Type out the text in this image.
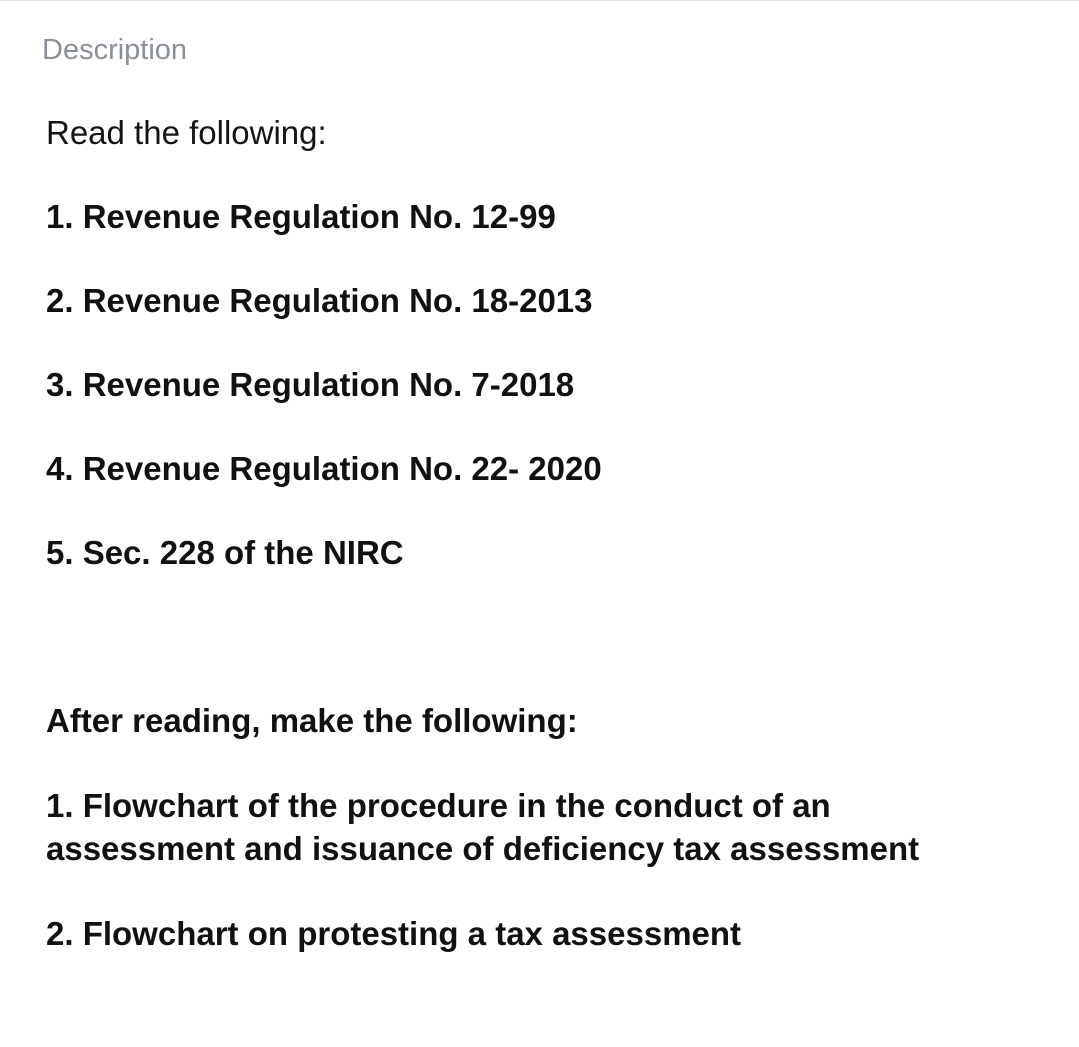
Description

Read the following:

1. Revenue Regulation No. 12-99
2. Revenue Regulation No. 18-2013
3. Revenue Regulation No. 7-2018
4. Revenue Regulation No. 22- 2020
5. Sec. 228 of the NIRC

After reading, make the following:

1. Flowchart of the procedure in the conduct of an assessment and issuance of deficiency tax assessment
2. Flowchart on protesting a tax assessment
